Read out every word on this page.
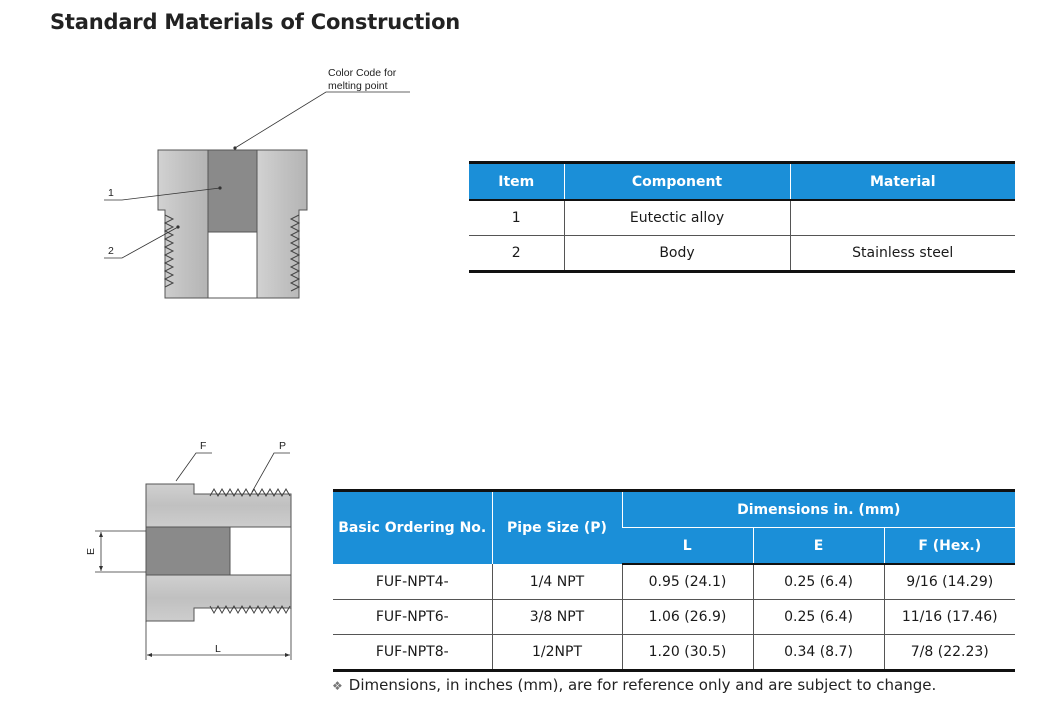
Standard Materials of Construction
Color Code for
melting point
1
2
F	P
E
L
Item	Component	Material
1	Eutectic alloy	
2	Body	Stainless steel
Basic Ordering No.	Pipe Size (P)	Dimensions in. (mm)		
		L	E	F (Hex.)
FUF-NPT4-	1/4 NPT	0.95 (24.1)	0.25 (6.4)	9/16 (14.29)
FUF-NPT6-	3/8 NPT	1.06 (26.9)	0.25 (6.4)	11/16 (17.46)
FUF-NPT8-	1/2NPT	1.20 (30.5)	0.34 (8.7)	7/8 (22.23)
❖ Dimensions, in inches (mm), are for reference only and are subject to change.
